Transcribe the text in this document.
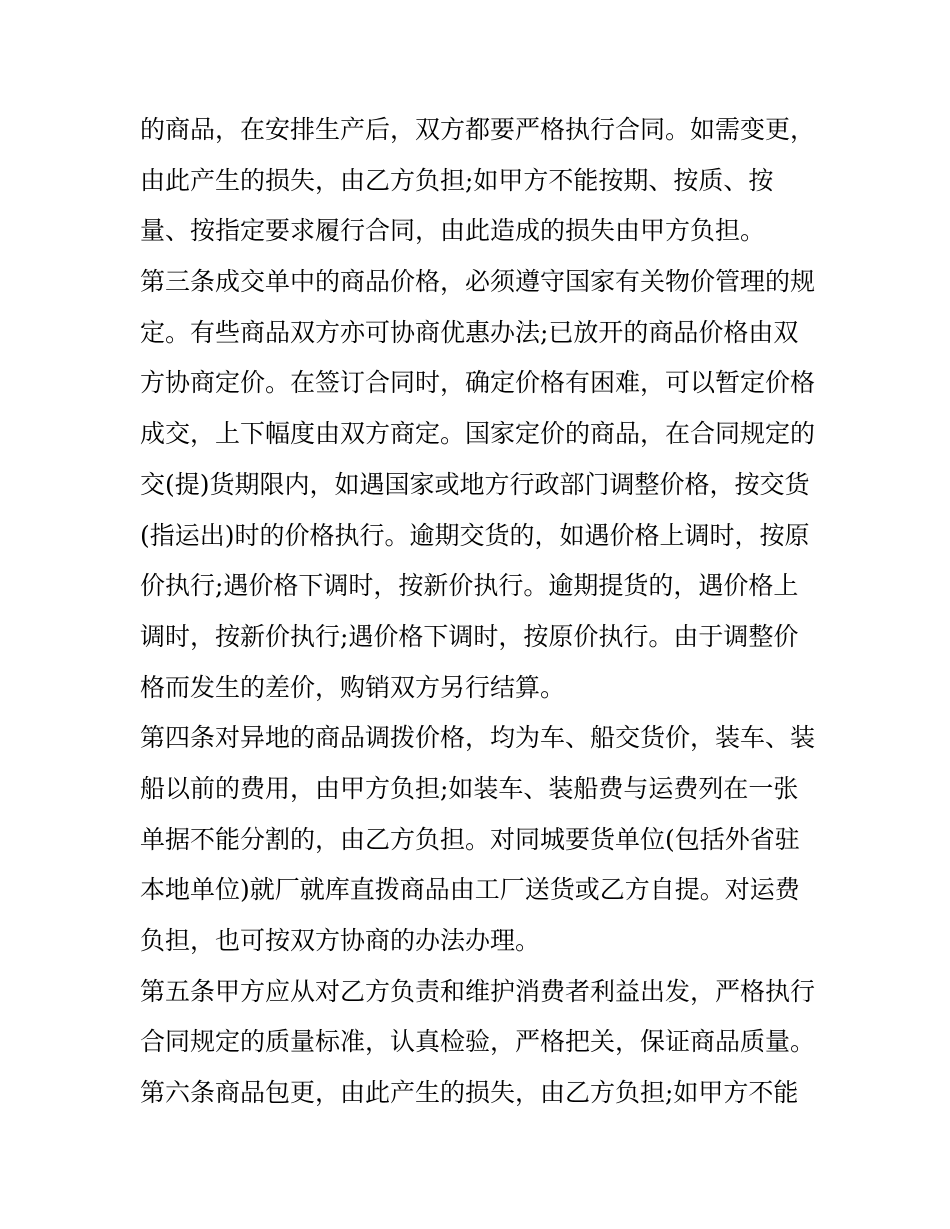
的商品，在安排生产后，双方都要严格执行合同。如需变更，
由此产生的损失，由乙方负担;如甲方不能按期、按质、按
量、按指定要求履行合同，由此造成的损失由甲方负担。
第三条成交单中的商品价格，必须遵守国家有关物价管理的规
定。有些商品双方亦可协商优惠办法;已放开的商品价格由双
方协商定价。在签订合同时，确定价格有困难，可以暂定价格
成交，上下幅度由双方商定。国家定价的商品，在合同规定的
交(提)货期限内，如遇国家或地方行政部门调整价格，按交货
(指运出)时的价格执行。逾期交货的，如遇价格上调时，按原
价执行;遇价格下调时，按新价执行。逾期提货的，遇价格上
调时，按新价执行;遇价格下调时，按原价执行。由于调整价
格而发生的差价，购销双方另行结算。
第四条对异地的商品调拨价格，均为车、船交货价，装车、装
船以前的费用，由甲方负担;如装车、装船费与运费列在一张
单据不能分割的，由乙方负担。对同城要货单位(包括外省驻
本地单位)就厂就库直拨商品由工厂送货或乙方自提。对运费
负担，也可按双方协商的办法办理。
第五条甲方应从对乙方负责和维护消费者利益出发，严格执行
合同规定的质量标准，认真检验，严格把关，保证商品质量。
第六条商品包更，由此产生的损失，由乙方负担;如甲方不能
